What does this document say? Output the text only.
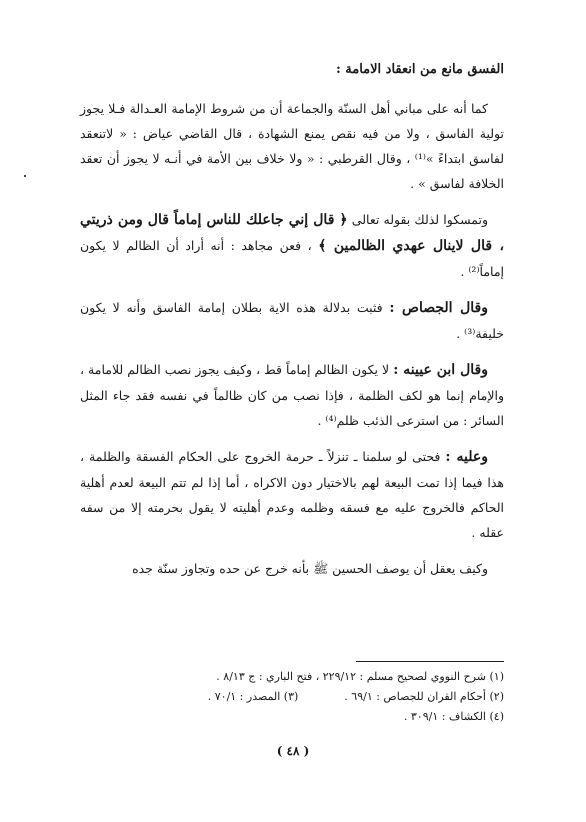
الفسق مانع من انعقاد الامامة :

كما أنه على مباني أهل السنّة والجماعة أن من شروط الإمامة العـدالة فـلا يجوز تولية الفاسق ، ولا من فيه نقص يمنع الشهادة ، قال القاضي عياض : « لاتنعقد لفاسق ابتداءً »⁽¹⁾ ، وقال القرطبي : « ولا خلاف بين الأمة في أنـه لا يجوز أن تعقد الخلافة لفاسق » .

وتمسكوا لذلك بقوله تعالى ﴿ قال إني جاعلك للناس إماماً قال ومن ذريتي ، قال لاينال عهدي الظالمين ﴾ ، فعن مجاهد : أنه أراد أن الظالم لا يكون إماماً⁽²⁾ .

وقال الجصاص : فثبت بدلالة هذه الاية بطلان إمامة الفاسق وأنه لا يكون خليفة⁽³⁾ .

وقال ابن عيينه : لا يكون الظالم إماماً قط ، وكيف يجوز نصب الظالم للامامة ، والإمام إنما هو لكف الظلمة ، فإذا نصب من كان ظالماً في نفسه فقد جاء المثل السائر : من استرعى الذئب ظلم⁽⁴⁾ .

وعليه : فحتى لو سلمنا ـ تنزلاً ـ حرمة الخروج على الحكام الفسقة والظلمة ، هذا فيما إذا تمت البيعة لهم بالاختيار دون الاكراه ، أما إذا لم تتم البيعة لعدم أهلية الحاكم فالخروج عليه مع فسقه وظلمه وعدم أهليته لا يقول بحرمته إلا من سفه عقله .

وكيف يعقل أن يوصف الحسين ﷺ بأنه خرج عن حده وتجاوز سنّة جده

(١) شرح النووي لصحيح مسلم : ٢٢٩/١٢ ، فتح الباري : ج ٨/١٣ .
(٢) أحكام القران للجصاص : ٦٩/١ .(٣) المصدر : ٧٠/١ .
(٤) الكشاف : ٣٠٩/١ .
( ٤٨ )
